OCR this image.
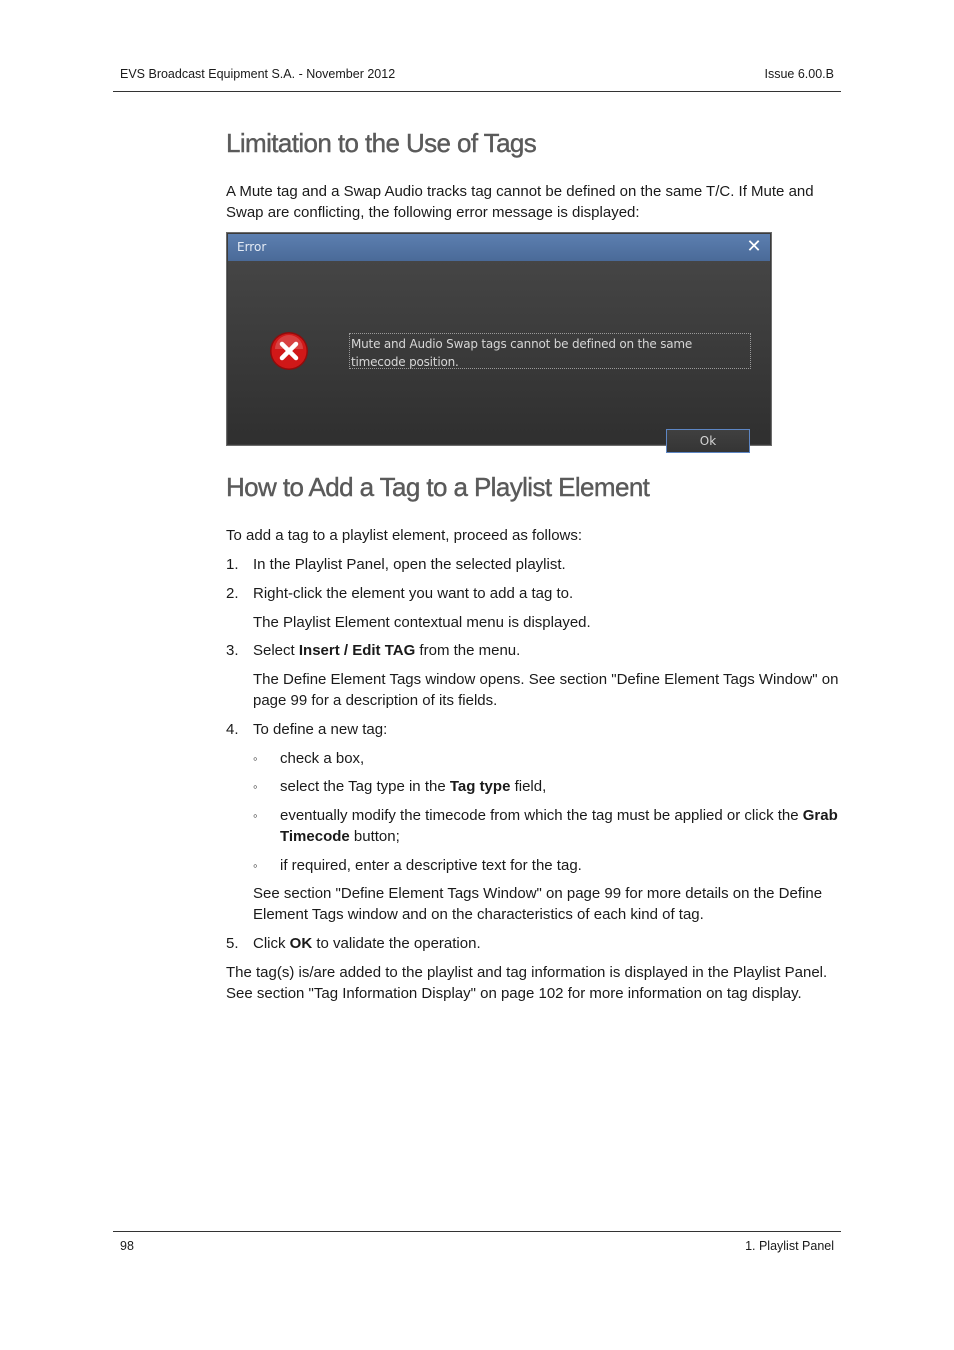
EVS Broadcast Equipment S.A. - November 2012	Issue 6.00.B
Limitation to the Use of Tags
A Mute tag and a Swap Audio tracks tag cannot be defined on the same T/C. If Mute and Swap are conflicting, the following error message is displayed:
Error	✕
Mute and Audio Swap tags cannot be defined on the same timecode position.
Ok
How to Add a Tag to a Playlist Element
To add a tag to a playlist element, proceed as follows:
1. In the Playlist Panel, open the selected playlist.
2. Right-click the element you want to add a tag to.
The Playlist Element contextual menu is displayed.
3. Select Insert / Edit TAG from the menu.
The Define Element Tags window opens. See section "Define Element Tags Window" on page 99 for a description of its fields.
4. To define a new tag:
◦ check a box,
◦ select the Tag type in the Tag type field,
◦ eventually modify the timecode from which the tag must be applied or click the Grab Timecode button;
◦ if required, enter a descriptive text for the tag.
See section "Define Element Tags Window" on page 99 for more details on the Define Element Tags window and on the characteristics of each kind of tag.
5. Click OK to validate the operation.
The tag(s) is/are added to the playlist and tag information is displayed in the Playlist Panel. See section "Tag Information Display" on page 102 for more information on tag display.
98	1. Playlist Panel
